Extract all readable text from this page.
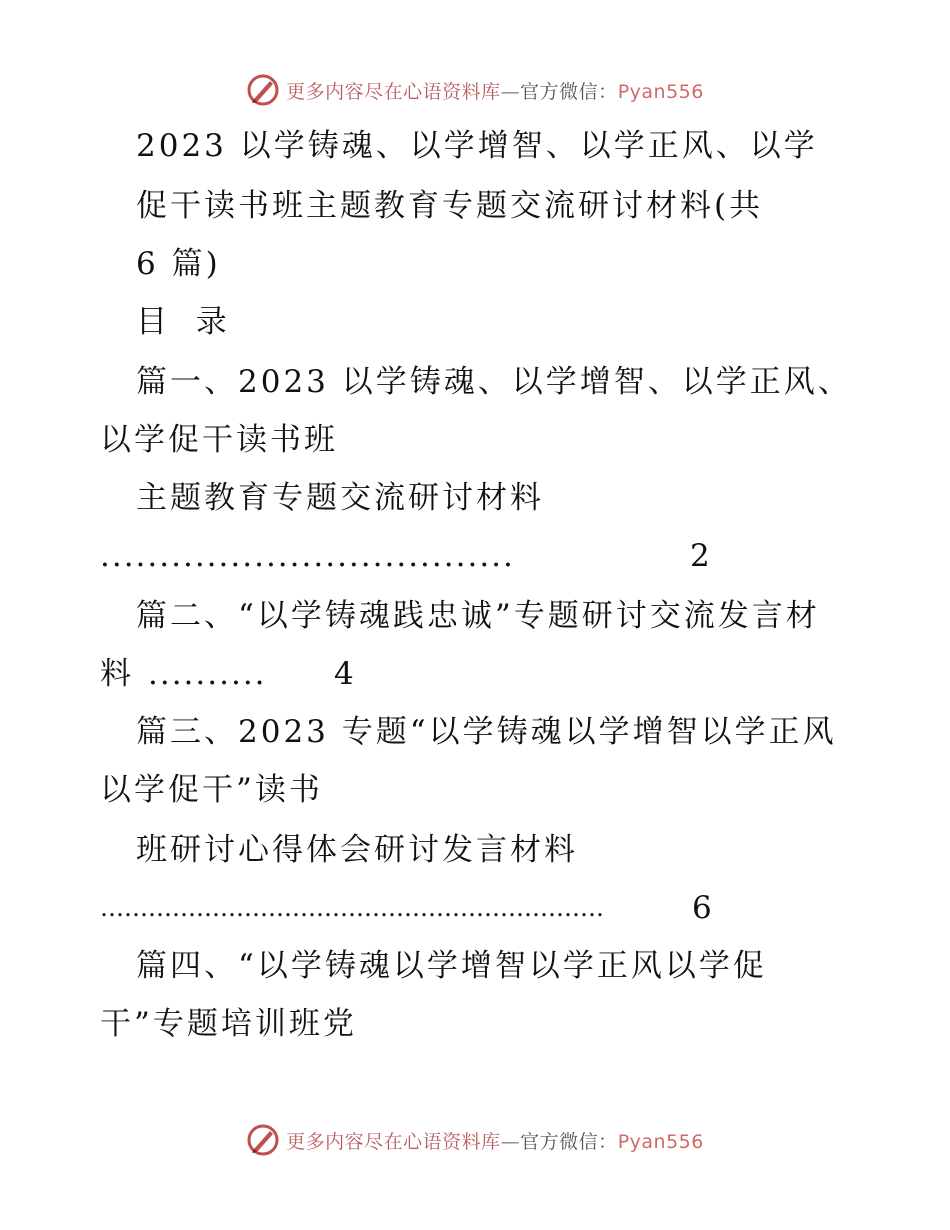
更多内容尽在心语资料库—官方微信：Pyan556
2023 以学铸魂、以学增智、以学正风、以学
促干读书班主题教育专题交流研讨材料(共
6 篇)
目  录
篇一、2023 以学铸魂、以学增智、以学正风、
以学促干读书班
主题教育专题交流研讨材料
...................................	2
篇二、“以学铸魂践忠诚”专题研讨交流发言材
料 .......... 4
篇三、2023 专题“以学铸魂以学增智以学正风
以学促干”读书
班研讨心得体会研讨发言材料
………………………………………………………	6
篇四、“以学铸魂以学增智以学正风以学促
干”专题培训班党
更多内容尽在心语资料库—官方微信：Pyan556
